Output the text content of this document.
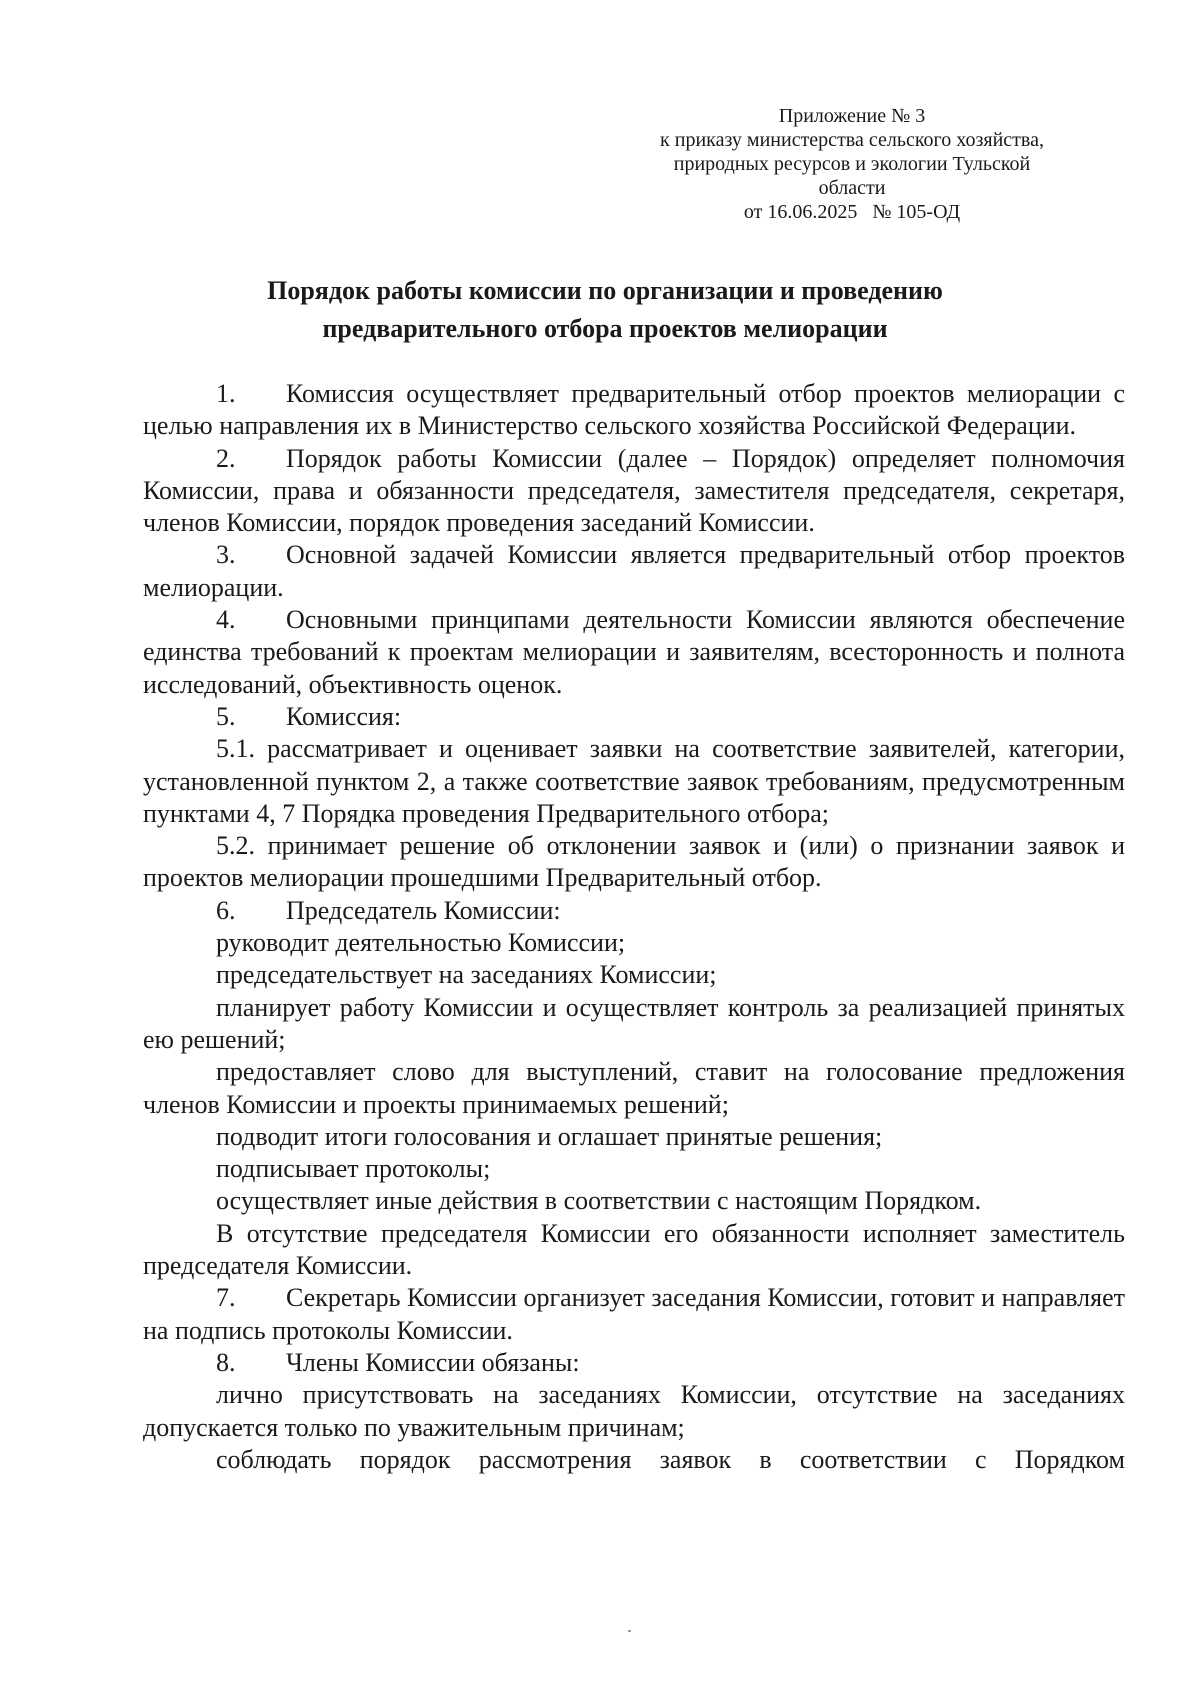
Приложение № 3
к приказу министерства сельского хозяйства,
природных ресурсов и экологии Тульской
области
от 16.06.2025   № 105-ОД
Порядок работы комиссии по организации и проведению
предварительного отбора проектов мелиорации

1. Комиссия осуществляет предварительный отбор проектов мелиорации с целью направления их в Министерство сельского хозяйства Российской Федерации.

2. Порядок работы Комиссии (далее – Порядок) определяет полномочия Комиссии, права и обязанности председателя, заместителя председателя, секретаря, членов Комиссии, порядок проведения заседаний Комиссии.

3. Основной задачей Комиссии является предварительный отбор проектов мелиорации.

4. Основными принципами деятельности Комиссии являются обеспечение единства требований к проектам мелиорации и заявителям, всесторонность и полнота исследований, объективность оценок.

5. Комиссия:

5.1. рассматривает и оценивает заявки на соответствие заявителей, категории, установленной пунктом 2, а также соответствие заявок требованиям, предусмотренным пунктами 4, 7 Порядка проведения Предварительного отбора;

5.2. принимает решение об отклонении заявок и (или) о признании заявок и проектов мелиорации прошедшими Предварительный отбор.

6. Председатель Комиссии:

руководит деятельностью Комиссии;

председательствует на заседаниях Комиссии;

планирует работу Комиссии и осуществляет контроль за реализацией принятых ею решений;

предоставляет слово для выступлений, ставит на голосование предложения членов Комиссии и проекты принимаемых решений;

подводит итоги голосования и оглашает принятые решения;

подписывает протоколы;

осуществляет иные действия в соответствии с настоящим Порядком.

В отсутствие председателя Комиссии его обязанности исполняет заместитель председателя Комиссии.

7. Секретарь Комиссии организует заседания Комиссии, готовит и направляет на подпись протоколы Комиссии.

8. Члены Комиссии обязаны:

лично присутствовать на заседаниях Комиссии, отсутствие на заседаниях допускается только по уважительным причинам;

соблюдать порядок рассмотрения заявок в соответствии с Порядком
